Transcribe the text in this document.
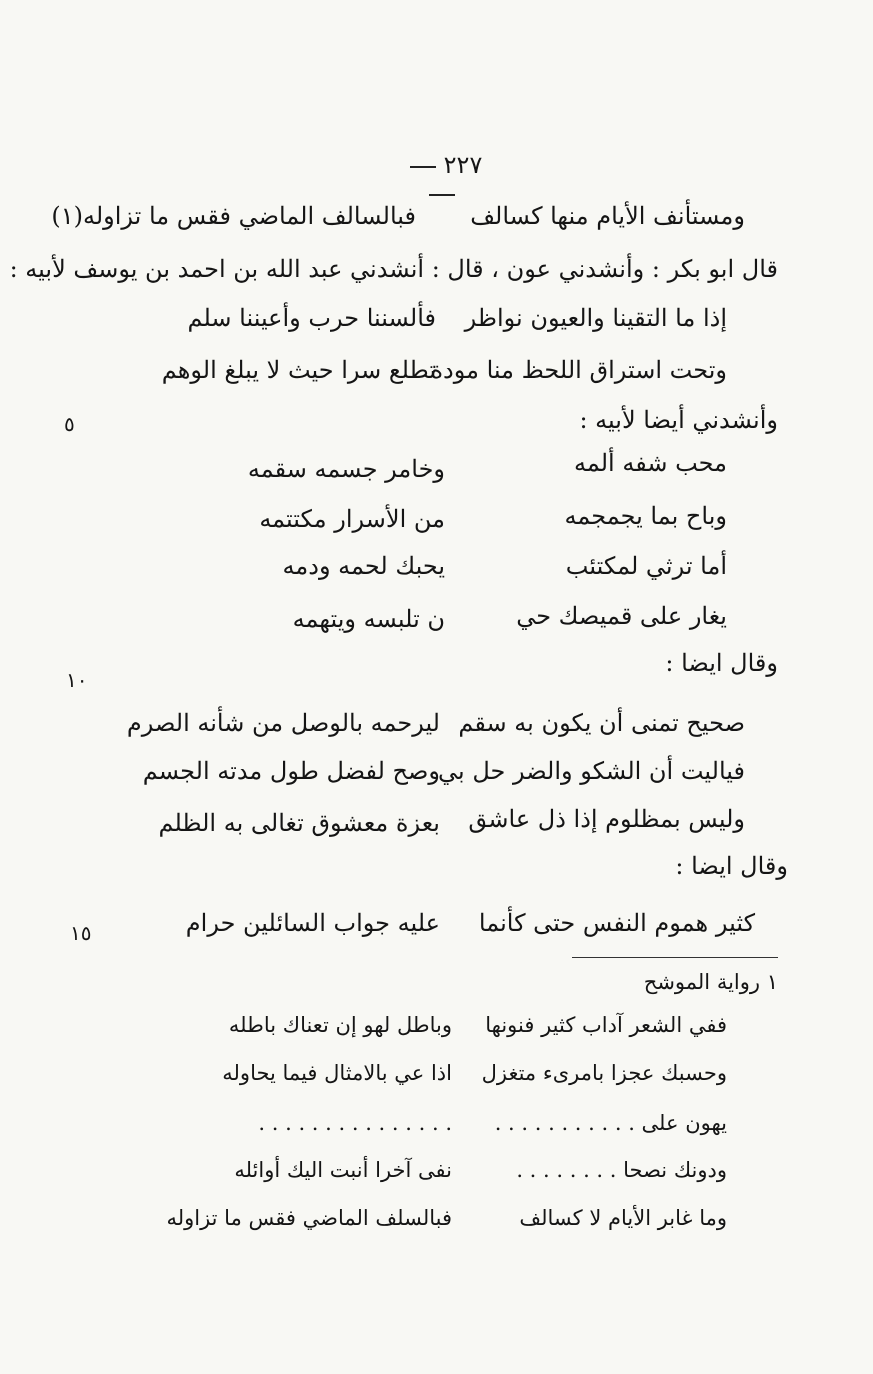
٢٢٧
ومستأنف الأيام منها كسالف
فبالسالف الماضي فقس ما تزاوله(١)
قال ابو بكر : وأنشدني عون ، قال : أنشدني عبد الله بن احمد بن يوسف لأبيه :
إذا ما التقينا والعيون نواظر
فألسننا حرب وأعيننا سلم
وتحت استراق اللحظ منا مودة
تطلع سرا حيث لا يبلغ الوهم
وأنشدني أيضا لأبيه :
٥
محب شفه ألمه
وخامر جسمه سقمه
وباح بما يجمجمه
من الأسرار مكتتمه
أما ترثي لمكتئب
يحبك لحمه ودمه
يغار على قميصك حي
ن تلبسه ويتهمه
وقال ايضا :
١٠
صحيح تمنى أن يكون به سقم
ليرحمه بالوصل من شأنه الصرم
فياليت أن الشكو والضر حل بي
وصح لفضل طول مدته الجسم
وليس بمظلوم إذا ذل عاشق
بعزة معشوق تغالى به الظلم
وقال ايضا :
كثير هموم النفس حتى كأنما
عليه جواب السائلين حرام
١٥
١ رواية الموشح
ففي الشعر آداب كثير فنونها
وباطل لهو إن تعناك باطله
وحسبك عجزا بامرىء متغزل
اذا عي بالامثال فيما يحاوله
يهون على . . . . . . . . . . .
. . . . . . . . . . . . . . .
ودونك نصحا . . . . . . . .
نفى آخرا أنبت اليك أوائله
وما غابر الأيام لا كسالف
فبالسلف الماضي فقس ما تزاوله
